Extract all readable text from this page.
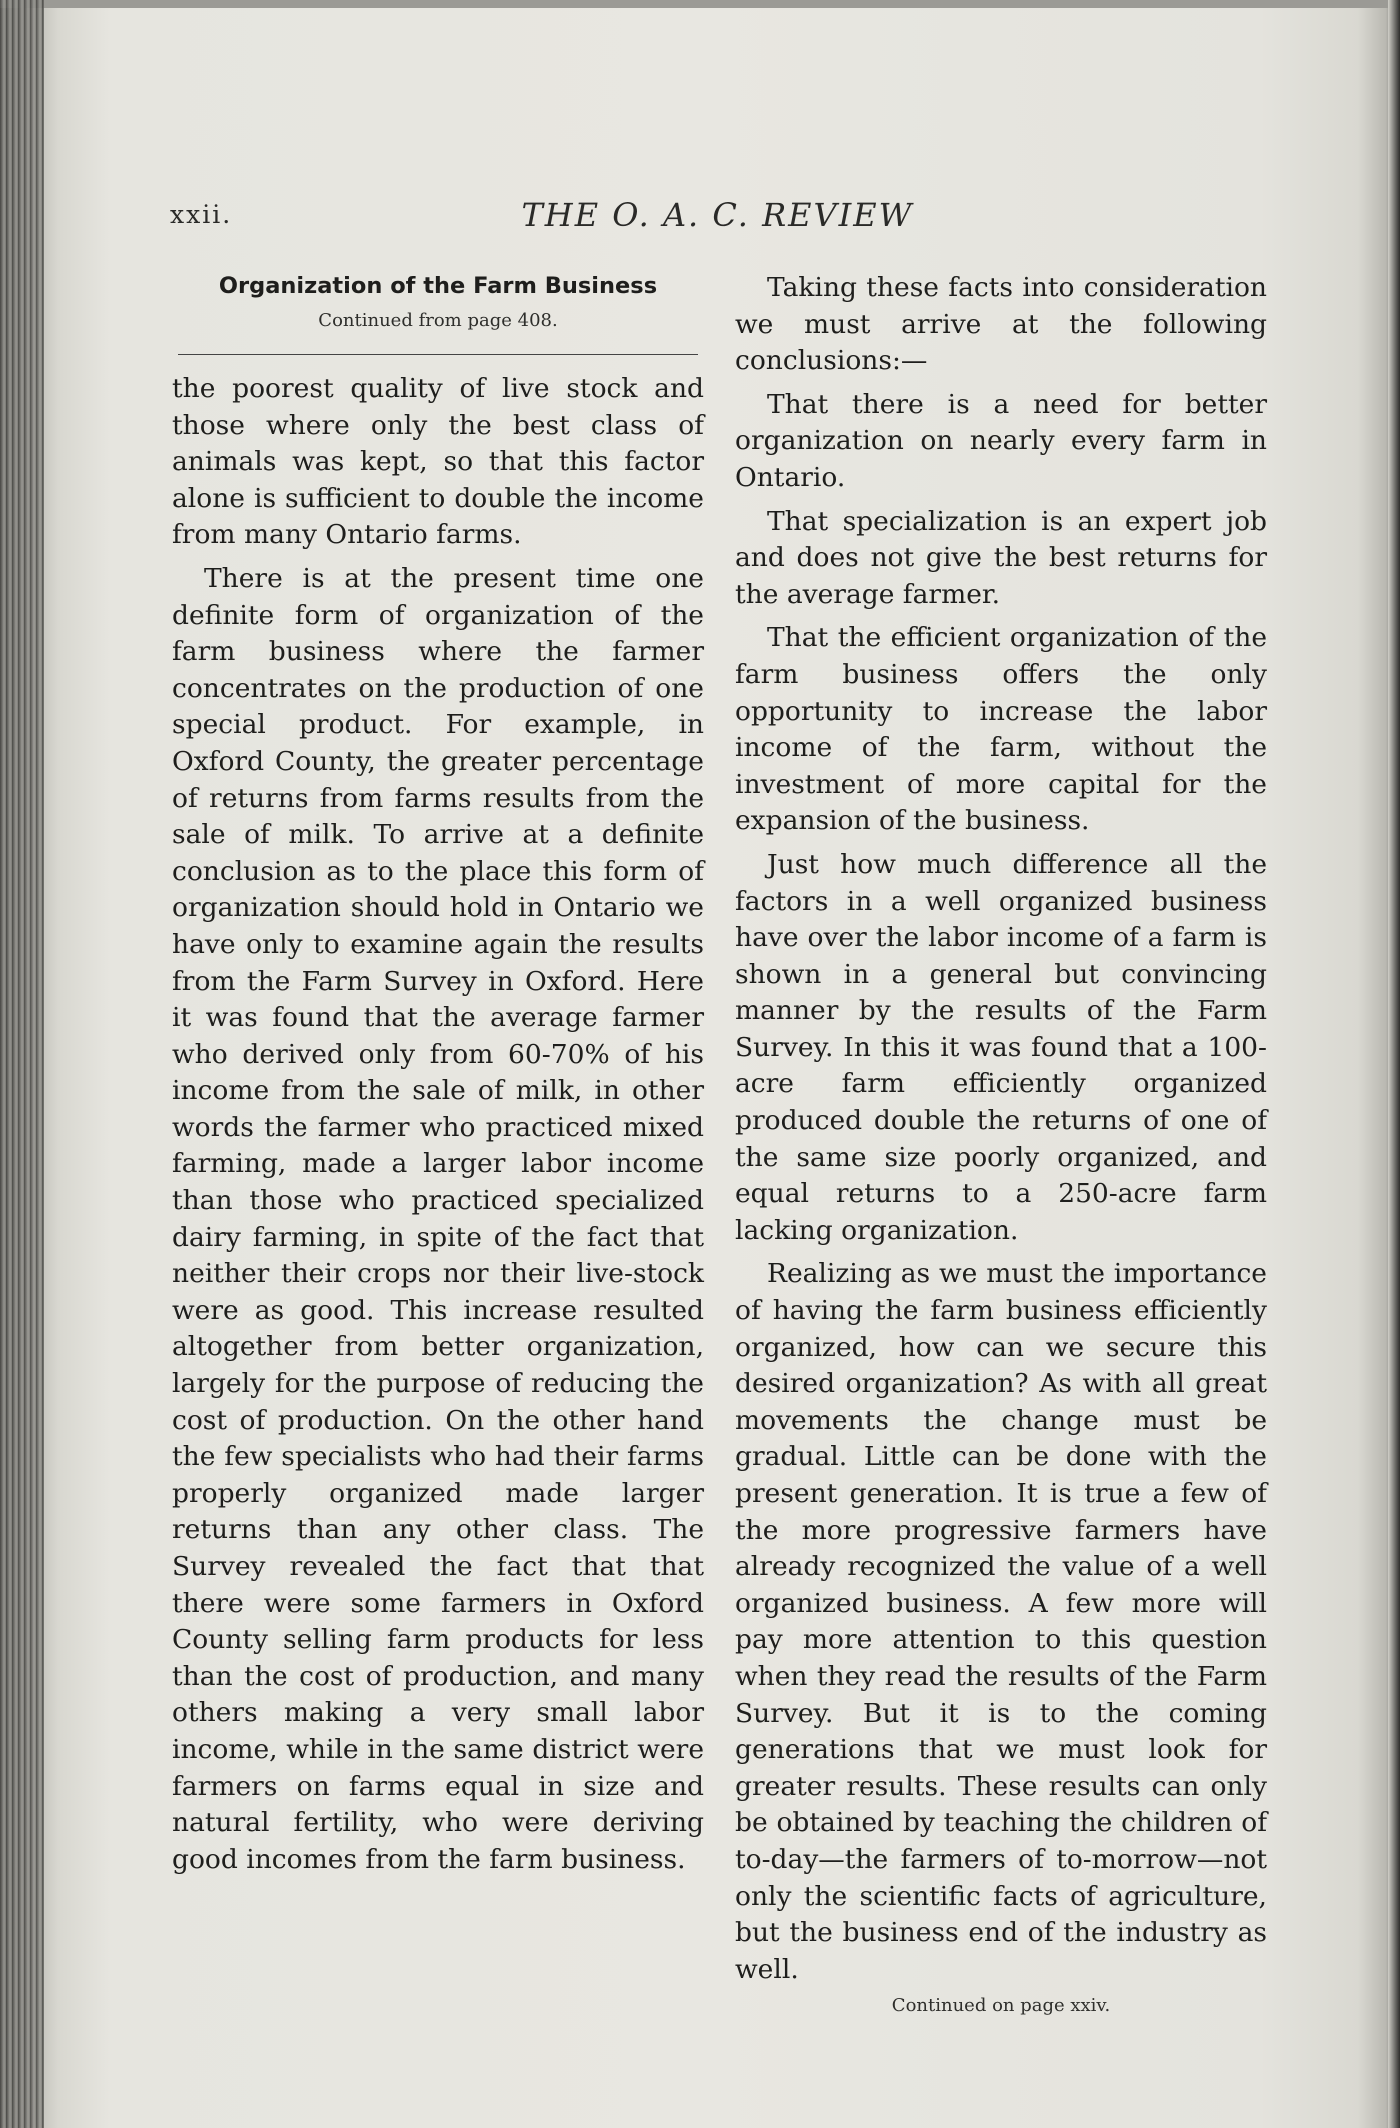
xxii.	THE O. A. C. REVIEW

Organization of the Farm Business

Continued from page 408.

the poorest quality of live stock and those where only the best class of animals was kept, so that this factor alone is sufficient to double the income from many Ontario farms.

There is at the present time one definite form of organization of the farm business where the farmer concentrates on the production of one special product. For example, in Oxford County, the greater percentage of returns from farms results from the sale of milk. To arrive at a definite conclusion as to the place this form of organization should hold in Ontario we have only to examine again the results from the Farm Survey in Oxford. Here it was found that the average farmer who derived only from 60-70% of his income from the sale of milk, in other words the farmer who practiced mixed farming, made a larger labor income than those who practiced specialized dairy farming, in spite of the fact that neither their crops nor their live-stock were as good. This increase resulted altogether from better organization, largely for the purpose of reducing the cost of production. On the other hand the few specialists who had their farms properly organized made larger returns than any other class. The Survey revealed the fact that that there were some farmers in Oxford County selling farm products for less than the cost of production, and many others making a very small labor income, while in the same district were farmers on farms equal in size and natural fertility, who were deriving good incomes from the farm business.

Taking these facts into consideration we must arrive at the following conclusions:—

That there is a need for better organization on nearly every farm in Ontario.

That specialization is an expert job and does not give the best returns for the average farmer.

That the efficient organization of the farm business offers the only opportunity to increase the labor income of the farm, without the investment of more capital for the expansion of the business.

Just how much difference all the factors in a well organized business have over the labor income of a farm is shown in a general but convincing manner by the results of the Farm Survey. In this it was found that a 100-acre farm efficiently organized produced double the returns of one of the same size poorly organized, and equal returns to a 250-acre farm lacking organization.

Realizing as we must the importance of having the farm business efficiently organized, how can we secure this desired organization? As with all great movements the change must be gradual. Little can be done with the present generation. It is true a few of the more progressive farmers have already recognized the value of a well organized business. A few more will pay more attention to this question when they read the results of the Farm Survey. But it is to the coming generations that we must look for greater results. These results can only be obtained by teaching the children of to-day—the farmers of to-morrow—not only the scientific facts of agriculture, but the business end of the industry as well.

Continued on page xxiv.
